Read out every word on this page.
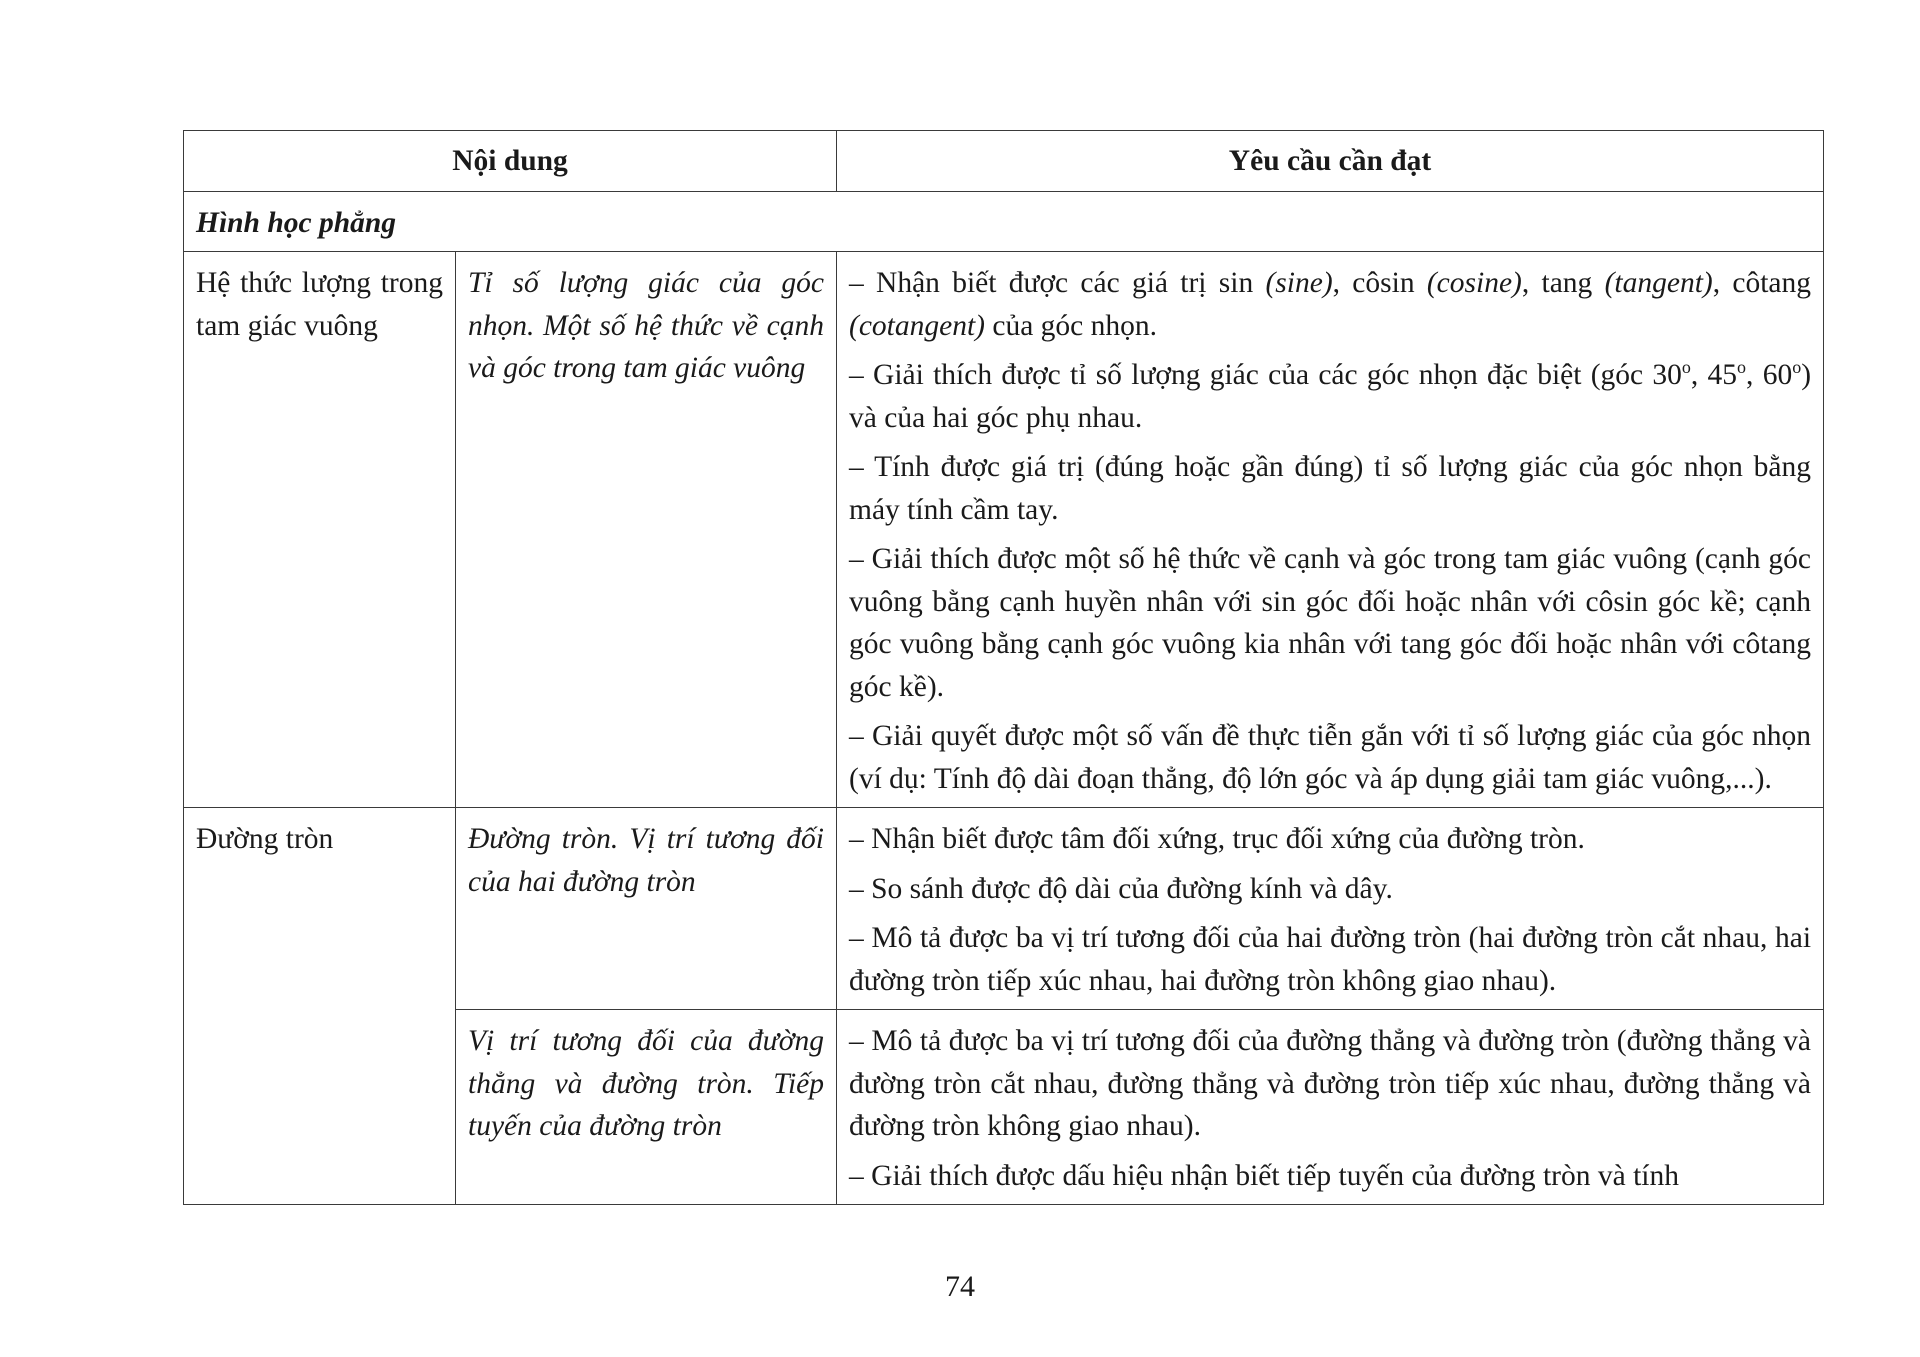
Nội dung		Yêu cầu cần đạt
Hình học phẳng		
Hệ thức lượng trong tam giác vuông	Tỉ số lượng giác của góc nhọn. Một số hệ thức về cạnh và góc trong tam giác vuông	– Nhận biết được các giá trị sin (sine), côsin (cosine), tang (tangent), côtang (cotangent) của góc nhọn.

– Giải thích được tỉ số lượng giác của các góc nhọn đặc biệt (góc 30$^o$, 45$^o$, 60$^o$) và của hai góc phụ nhau.

– Tính được giá trị (đúng hoặc gần đúng) tỉ số lượng giác của góc nhọn bằng máy tính cầm tay.

– Giải thích được một số hệ thức về cạnh và góc trong tam giác vuông (cạnh góc vuông bằng cạnh huyền nhân với sin góc đối hoặc nhân với côsin góc kề; cạnh góc vuông bằng cạnh góc vuông kia nhân với tang góc đối hoặc nhân với côtang góc kề).

– Giải quyết được một số vấn đề thực tiễn gắn với tỉ số lượng giác của góc nhọn (ví dụ: Tính độ dài đoạn thẳng, độ lớn góc và áp dụng giải tam giác vuông,...).

Đường tròn	Đường tròn. Vị trí tương đối của hai đường tròn	– Nhận biết được tâm đối xứng, trục đối xứng của đường tròn.

– So sánh được độ dài của đường kính và dây.

– Mô tả được ba vị trí tương đối của hai đường tròn (hai đường tròn cắt nhau, hai đường tròn tiếp xúc nhau, hai đường tròn không giao nhau).

	Vị trí tương đối của đường thẳng và đường tròn. Tiếp tuyến của đường tròn	– Mô tả được ba vị trí tương đối của đường thẳng và đường tròn (đường thẳng và đường tròn cắt nhau, đường thẳng và đường tròn tiếp xúc nhau, đường thẳng và đường tròn không giao nhau).

– Giải thích được dấu hiệu nhận biết tiếp tuyến của đường tròn và tính

74
